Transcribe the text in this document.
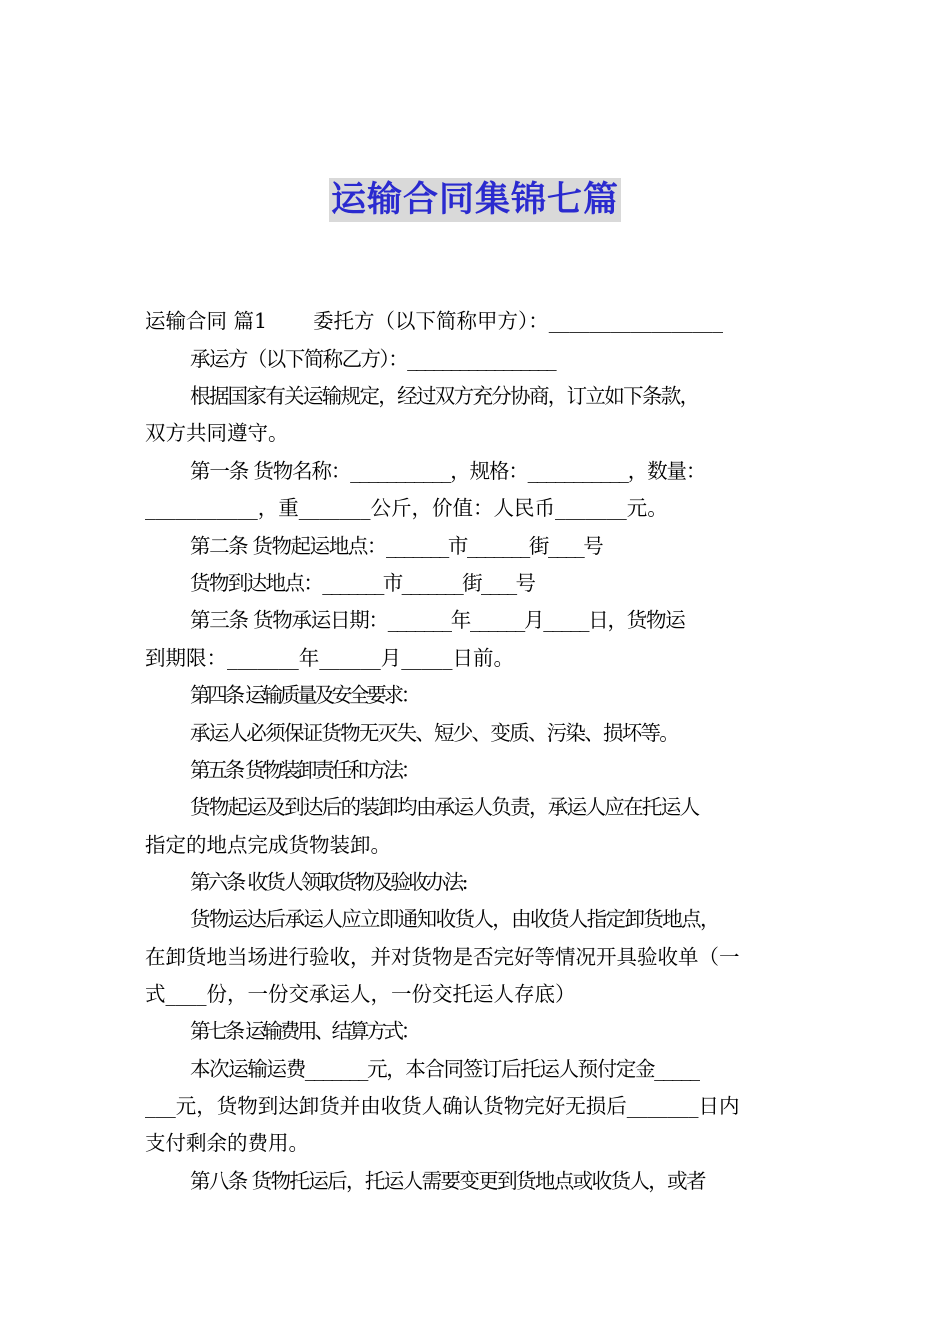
运输合同集锦七篇
运输合同 篇1 委托方（以下简称甲方）：_________________
承运方（以下简称乙方）：_________________
根据国家有关运输规定，经过双方充分协商，订立如下条款，
双方共同遵守。
第一条 货物名称：___________，规格：___________，数量：
___________，重_______公斤，价值：人民币_______元。
第二条 货物起运地点：_______市_______街____号
货物到达地点：_______市_______街____号
第三条 货物承运日期：_______年______月_____日，货物运
到期限：_______年______月_____日前。
第四条 运输质量及安全要求：
承运人必须保证货物无灭失、短少、变质、污染、损坏等。
第五条 货物装卸责任和方法：
货物起运及到达后的装卸均由承运人负责，承运人应在托运人
指定的地点完成货物装卸。
第六条 收货人领取货物及验收办法:
货物运达后承运人应立即通知收货人，由收货人指定卸货地点，
在卸货地当场进行验收，并对货物是否完好等情况开具验收单（一
式____份，一份交承运人，一份交托运人存底）
第七条 运输费用、结算方式：
本次运输运费_______元，本合同签订后托运人预付定金_____
___元，货物到达卸货并由收货人确认货物完好无损后_______日内
支付剩余的费用。
第八条 货物托运后，托运人需要变更到货地点或收货人，或者
